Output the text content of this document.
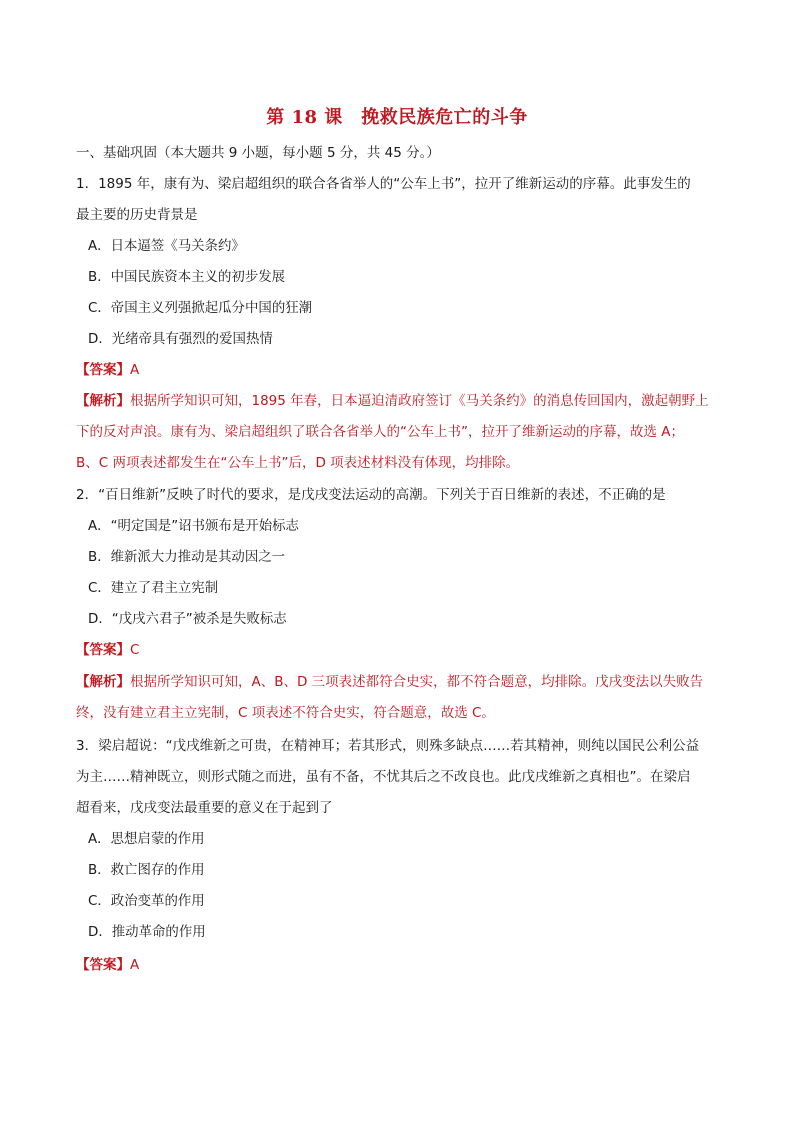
第 18 课　挽救民族危亡的斗争
一、基础巩固（本大题共 9 小题，每小题 5 分，共 45 分。）
1．1895 年，康有为、梁启超组织的联合各省举人的“公车上书”，拉开了维新运动的序幕。此事发生的
最主要的历史背景是
A．日本逼签《马关条约》
B．中国民族资本主义的初步发展
C．帝国主义列强掀起瓜分中国的狂潮
D．光绪帝具有强烈的爱国热情
【答案】A
【解析】根据所学知识可知，1895 年春，日本逼迫清政府签订《马关条约》的消息传回国内，激起朝野上
下的反对声浪。康有为、梁启超组织了联合各省举人的“公车上书”，拉开了维新运动的序幕，故选 A；
B、C 两项表述都发生在“公车上书”后，D 项表述材料没有体现，均排除。
2．“百日维新”反映了时代的要求，是戊戌变法运动的高潮。下列关于百日维新的表述，不正确的是
A．“明定国是”诏书颁布是开始标志
B．维新派大力推动是其动因之一
C．建立了君主立宪制
D．“戊戌六君子”被杀是失败标志
【答案】C
【解析】根据所学知识可知，A、B、D 三项表述都符合史实，都不符合题意，均排除。戊戌变法以失败告
终，没有建立君主立宪制，C 项表述不符合史实，符合题意，故选 C。
3．梁启超说：“戊戌维新之可贵，在精神耳；若其形式，则殊多缺点……若其精神，则纯以国民公利公益
为主……精神既立，则形式随之而进，虽有不备，不忧其后之不改良也。此戊戌维新之真相也”。在梁启
超看来，戊戌变法最重要的意义在于起到了
A．思想启蒙的作用
B．救亡图存的作用
C．政治变革的作用
D．推动革命的作用
【答案】A
